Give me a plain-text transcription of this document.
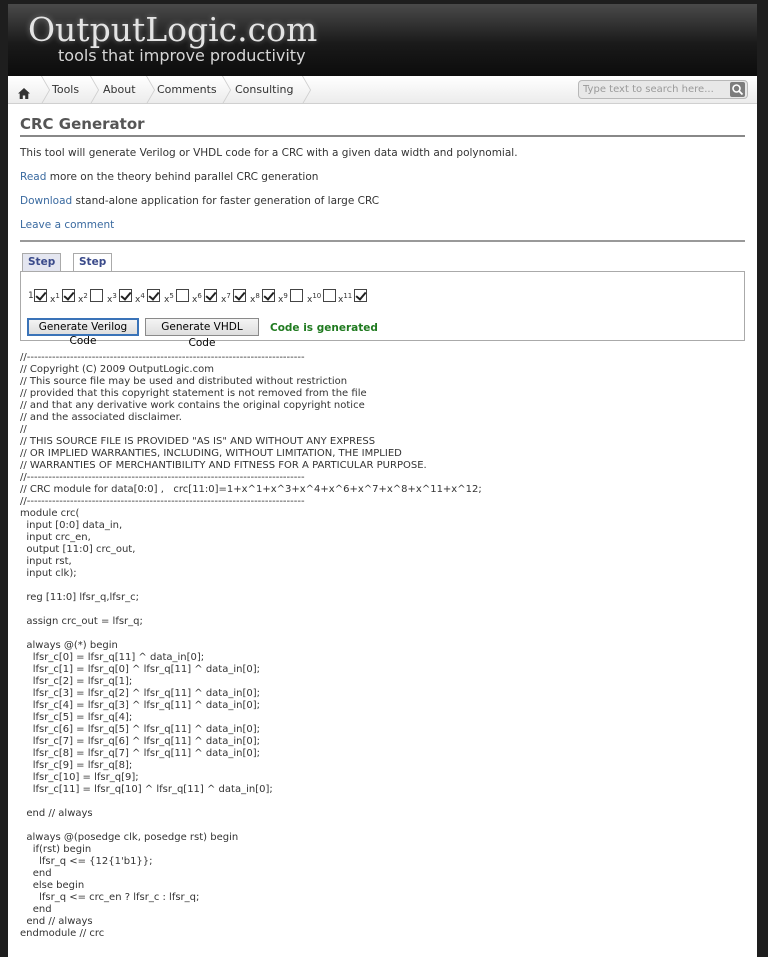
OutputLogic.com
tools that improve productivity
Tools About Comments Consulting
Type text to search here...
CRC Generator
This tool will generate Verilog or VHDL code for a CRC with a given data width and polynomial.
Read more on the theory behind parallel CRC generation
Download stand-alone application for faster generation of large CRC
Leave a comment
Step	Step
1 $x^1$ $x^2$ $x^3$ $x^4$ $x^5$ $x^6$ $x^7$ $x^8$ $x^9$ $x^{10}$ $x^{11}$
Generate Verilog Code
Generate VHDL Code
Code is generated
//-----------------------------------------------------------------------------
// Copyright (C) 2009 OutputLogic.com
// This source file may be used and distributed without restriction
// provided that this copyright statement is not removed from the file
// and that any derivative work contains the original copyright notice
// and the associated disclaimer.
//
// THIS SOURCE FILE IS PROVIDED "AS IS" AND WITHOUT ANY EXPRESS
// OR IMPLIED WARRANTIES, INCLUDING, WITHOUT LIMITATION, THE IMPLIED
// WARRANTIES OF MERCHANTIBILITY AND FITNESS FOR A PARTICULAR PURPOSE.
//-----------------------------------------------------------------------------
// CRC module for data[0:0] ,   crc[11:0]=1+x^1+x^3+x^4+x^6+x^7+x^8+x^11+x^12;
//-----------------------------------------------------------------------------
module crc(
input [0:0] data_in,
input crc_en,
output [11:0] crc_out,
input rst,
input clk);

reg [11:0] lfsr_q,lfsr_c;

assign crc_out = lfsr_q;

always @(*) begin
lfsr_c[0] = lfsr_q[11] ^ data_in[0];
lfsr_c[1] = lfsr_q[0] ^ lfsr_q[11] ^ data_in[0];
lfsr_c[2] = lfsr_q[1];
lfsr_c[3] = lfsr_q[2] ^ lfsr_q[11] ^ data_in[0];
lfsr_c[4] = lfsr_q[3] ^ lfsr_q[11] ^ data_in[0];
lfsr_c[5] = lfsr_q[4];
lfsr_c[6] = lfsr_q[5] ^ lfsr_q[11] ^ data_in[0];
lfsr_c[7] = lfsr_q[6] ^ lfsr_q[11] ^ data_in[0];
lfsr_c[8] = lfsr_q[7] ^ lfsr_q[11] ^ data_in[0];
lfsr_c[9] = lfsr_q[8];
lfsr_c[10] = lfsr_q[9];
lfsr_c[11] = lfsr_q[10] ^ lfsr_q[11] ^ data_in[0];

end // always

always @(posedge clk, posedge rst) begin
if(rst) begin
lfsr_q <= {12{1'b1}};
end
else begin
lfsr_q <= crc_en ? lfsr_c : lfsr_q;
end
end // always
endmodule // crc
